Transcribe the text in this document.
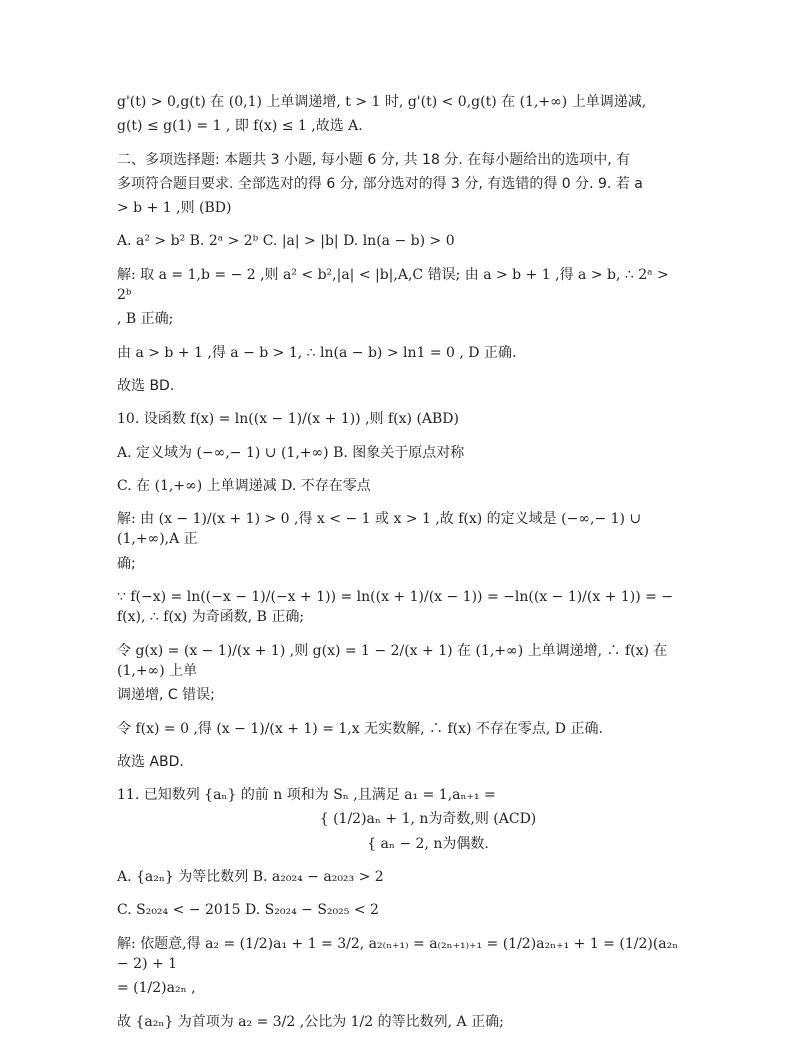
g'(t) > 0,g(t) 在 (0,1) 上单调递增, t > 1 时, g'(t) < 0,g(t) 在 (1,+∞) 上单调递减,

g(t) ≤ g(1) = 1 , 即 f(x) ≤ 1 ,故选 A.

二、多项选择题: 本题共 3 小题, 每小题 6 分, 共 18 分. 在每小题给出的选项中, 有

多项符合题目要求. 全部选对的得 6 分, 部分选对的得 3 分, 有选错的得 0 分. 9. 若 a

> b + 1 ,则 (BD)

A. a² > b² B. 2ᵃ > 2ᵇ C. |a| > |b| D. ln(a − b) > 0

解: 取 a = 1,b = − 2 ,则 a² < b²,|a| < |b|,A,C 错误; 由 a > b + 1 ,得 a > b, ∴ 2ᵃ > 2ᵇ

, B 正确;

由 a > b + 1 ,得 a − b > 1, ∴ ln(a − b) > ln1 = 0 , D 正确.

故选 BD.

10. 设函数 f(x) = ln((x − 1)/(x + 1)) ,则 f(x) (ABD)

A. 定义域为 (−∞,− 1) ∪ (1,+∞) B. 图象关于原点对称

C. 在 (1,+∞) 上单调递减 D. 不存在零点

解: 由 (x − 1)/(x + 1) > 0 ,得 x < − 1 或 x > 1 ,故 f(x) 的定义域是 (−∞,− 1) ∪ (1,+∞),A 正

确;

∵ f(−x) = ln((−x − 1)/(−x + 1)) = ln((x + 1)/(x − 1)) = −ln((x − 1)/(x + 1)) = − f(x), ∴ f(x) 为奇函数, B 正确;

令 g(x) = (x − 1)/(x + 1) ,则 g(x) = 1 − 2/(x + 1) 在 (1,+∞) 上单调递增, ∴ f(x) 在 (1,+∞) 上单

调递增, C 错误;

令 f(x) = 0 ,得 (x − 1)/(x + 1) = 1,x 无实数解, ∴ f(x) 不存在零点, D 正确.

故选 ABD.

11. 已知数列 {aₙ} 的前 n 项和为 Sₙ ,且满足 a₁ = 1,aₙ₊₁ =

{ (1/2)aₙ + 1, n为奇数,则 (ACD)

{ aₙ − 2, n为偶数.

A. {a₂ₙ} 为等比数列 B. a₂₀₂₄ − a₂₀₂₃ > 2

C. S₂₀₂₄ < − 2015 D. S₂₀₂₄ − S₂₀₂₅ < 2

解: 依题意,得 a₂ = (1/2)a₁ + 1 = 3/2, a₂₍ₙ₊₁₎ = a₍₂ₙ₊₁₎₊₁ = (1/2)a₂ₙ₊₁ + 1 = (1/2)(a₂ₙ − 2) + 1

= (1/2)a₂ₙ ,

故 {a₂ₙ} 为首项为 a₂ = 3/2 ,公比为 1/2 的等比数列, A 正确;
